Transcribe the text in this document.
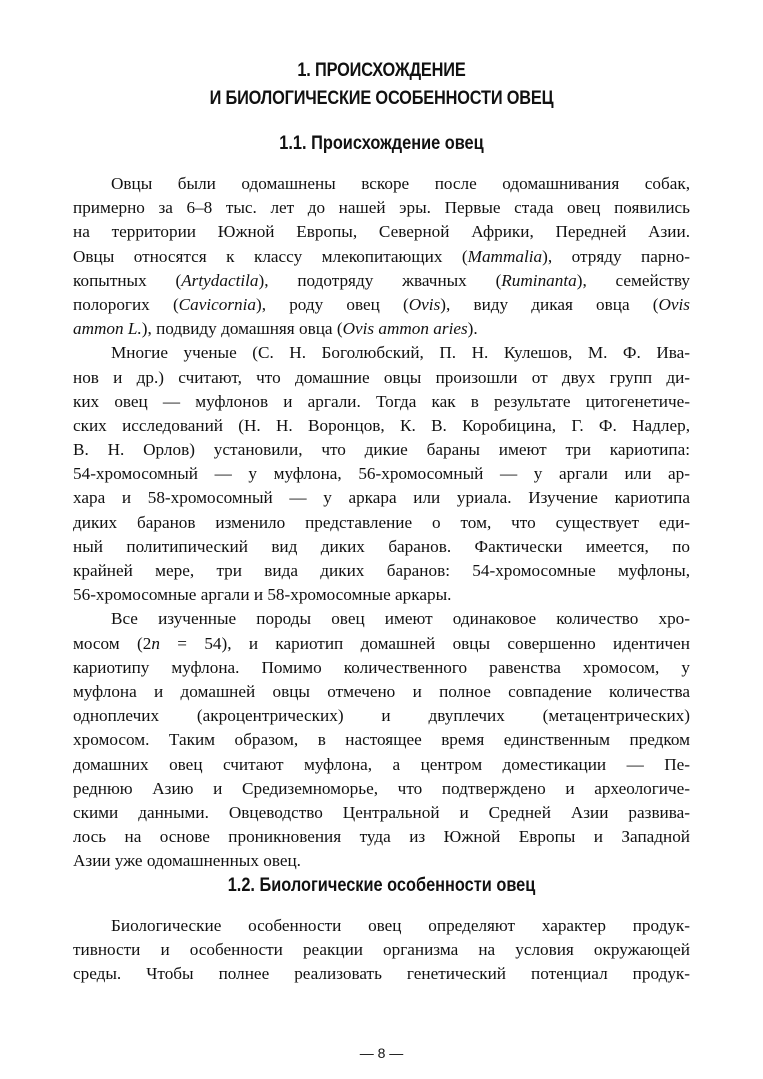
1. ПРОИСХОЖДЕНИЕ
И БИОЛОГИЧЕСКИЕ ОСОБЕННОСТИ ОВЕЦ
1.1. Происхождение овец

Овцы были одомашнены вскоре после одомашнивания собак,
примерно за 6–8 тыс. лет до нашей эры. Первые стада овец появились
на территории Южной Европы, Северной Африки, Передней Азии.
Овцы относятся к классу млекопитающих (Mammalia), отряду парно-
копытных (Artydactila), подотряду жвачных (Ruminanta), семейству
полорогих (Cavicornia), роду овец (Ovis), виду дикая овца (Ovis
ammon L.), подвиду домашняя овца (Ovis ammon aries).

Многие ученые (С. Н. Боголюбский, П. Н. Кулешов, М. Ф. Ива-
нов и др.) считают, что домашние овцы произошли от двух групп ди-
ких овец — муфлонов и аргали. Тогда как в результате цитогенетиче-
ских исследований (Н. Н. Воронцов, К. В. Коробицина, Г. Ф. Надлер,
В. Н. Орлов) установили, что дикие бараны имеют три кариотипа:
54-хромосомный — у муфлона, 56-хромосомный — у аргали или ар-
хара и 58-хромосомный — у аркара или уриала. Изучение кариотипа
диких баранов изменило представление о том, что существует еди-
ный политипический вид диких баранов. Фактически имеется, по
крайней мере, три вида диких баранов: 54-хромосомные муфлоны,
56-хромосомные аргали и 58-хромосомные аркары.

Все изученные породы овец имеют одинаковое количество хро-
мосом (2n = 54), и кариотип домашней овцы совершенно идентичен
кариотипу муфлона. Помимо количественного равенства хромосом, у
муфлона и домашней овцы отмечено и полное совпадение количества
одноплечих (акроцентрических) и двуплечих (метацентрических)
хромосом. Таким образом, в настоящее время единственным предком
домашних овец считают муфлона, а центром доместикации — Пе-
реднюю Азию и Средиземноморье, что подтверждено и археологиче-
скими данными. Овцеводство Центральной и Средней Азии развива-
лось на основе проникновения туда из Южной Европы и Западной
Азии уже одомашненных овец.

1.2. Биологические особенности овец

Биологические особенности овец определяют характер продук-
тивности и особенности реакции организма на условия окружающей
среды. Чтобы полнее реализовать генетический потенциал продук-

— 8 —
